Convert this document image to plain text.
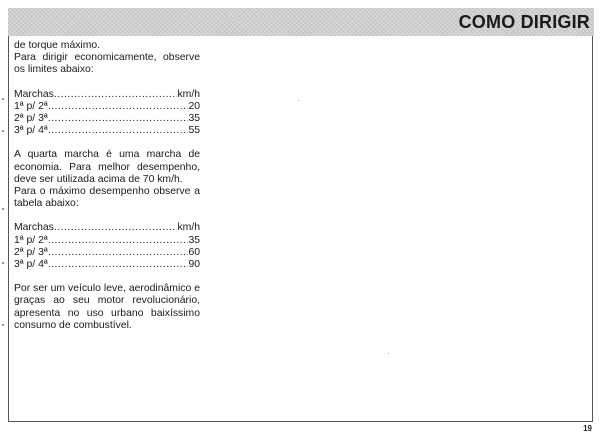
COMO DIRIGIR

de torque máximo.

Para dirigir economicamente, observe os limites abaixo:

Marchas .....	km/h
1ª p/ 2ª .....	20
2ª p/ 3ª .....	35
3ª p/ 4ª .....	55

A quarta marcha é uma marcha de economia. Para melhor desempenho, deve ser utilizada acima de 70 km/h.

Para o máximo desempenho observe a tabela abaixo:

Marchas .....	km/h
1ª p/ 2ª .....	35
2ª p/ 3ª .....	60
3ª p/ 4ª .....	90

Por ser um veículo leve, aerodinâmico e graças ao seu motor revolucionário, apresenta no uso urbano baixíssimo consumo de combustível.

19
